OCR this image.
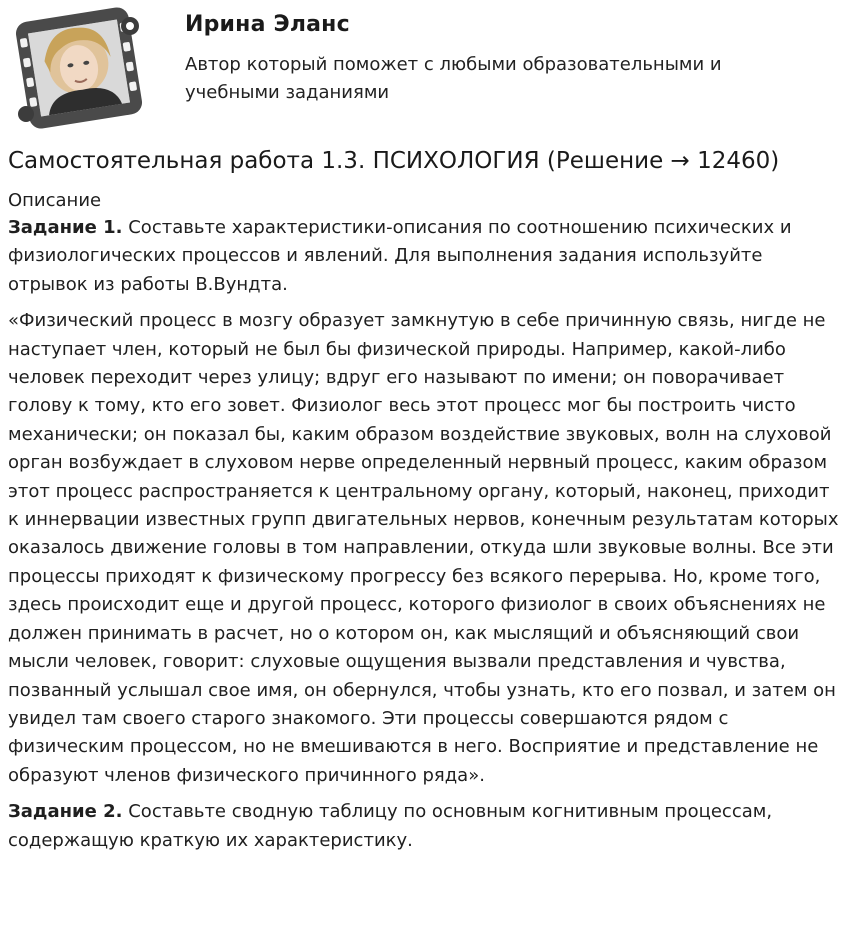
Ирина Эланс
Автор который поможет с любыми образовательными и учебными заданиями
Самостоятельная работа 1.3. ПСИХОЛОГИЯ (Решение → 12460)

Описание

Задание 1. Составьте характеристики-описания по соотношению психических и физиологических процессов и явлений. Для выполнения задания используйте отрывок из работы В.Вундта.

«Физический процесс в мозгу образует замкнутую в себе причинную связь, нигде не наступает член, который не был бы физической природы. Например, какой-либо человек переходит через улицу; вдруг его называют по имени; он поворачивает голову к тому, кто его зовет. Физиолог весь этот процесс мог бы построить чисто механически; он показал бы, каким образом воздействие звуковых, волн на слуховой орган возбуждает в слуховом нерве определенный нервный процесс, каким образом этот процесс распространяется к центральному органу, который, наконец, приходит к иннервации известных групп двигательных нервов, конечным результатам которых оказалось движение головы в том направлении, откуда шли звуковые волны. Все эти процессы приходят к физическому прогрессу без всякого перерыва. Но, кроме того, здесь происходит еще и другой процесс, которого физиолог в своих объяснениях не должен принимать в расчет, но о котором он, как мыслящий и объясняющий свои мысли человек, говорит: слуховые ощущения вызвали представления и чувства, позванный услышал свое имя, он обернулся, чтобы узнать, кто его позвал, и затем он увидел там своего старого знакомого. Эти процессы совершаются рядом с физическим процессом, но не вмешиваются в него. Восприятие и представление не образуют членов физического причинного ряда».

Задание 2. Составьте сводную таблицу по основным когнитивным процессам, содержащую краткую их характеристику.
